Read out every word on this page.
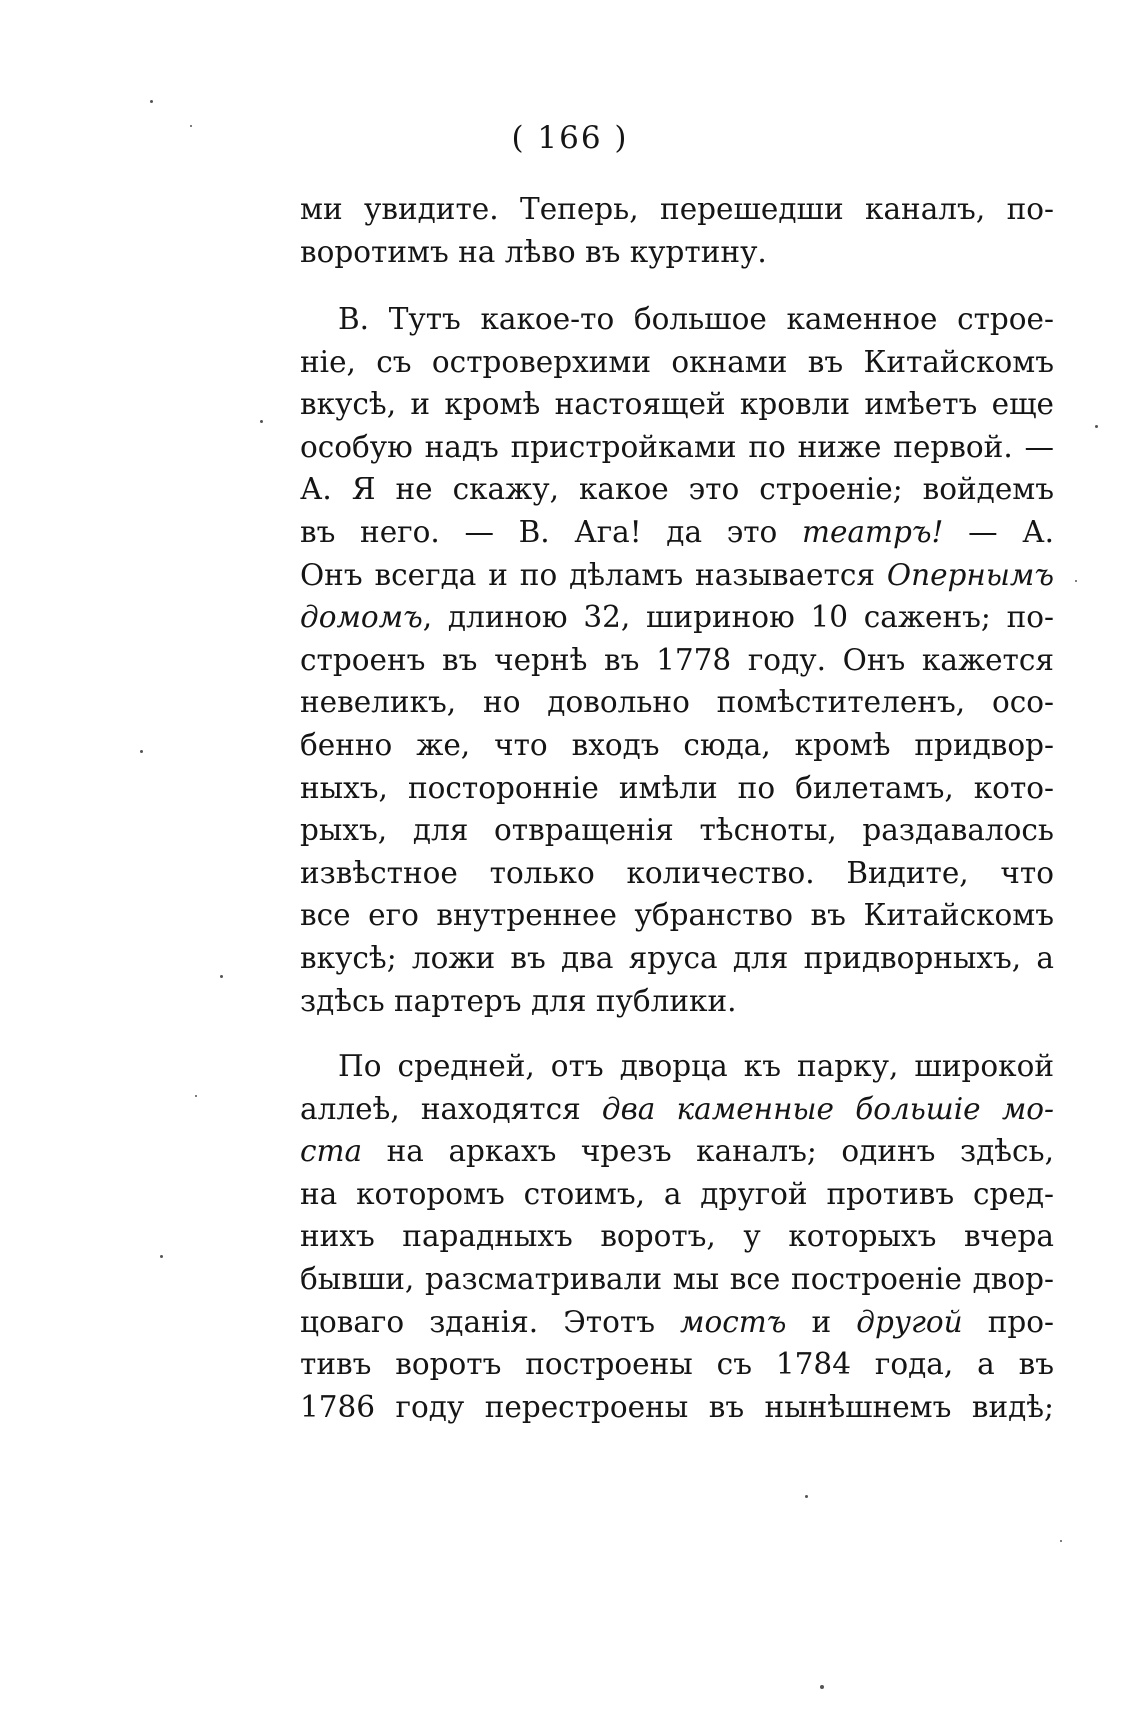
( 166 )
ми увидите. Теперь, перешедши каналъ, по-
воротимъ на лѣво въ куртину.
В. Тутъ какое-то большое каменное строе-
ніе, съ островерхими окнами въ Китайскомъ
вкусѣ, и кромѣ настоящей кровли имѣетъ еще
особую надъ пристройками по ниже первой. —
А. Я не скажу, какое это строеніе; войдемъ
въ него. — В. Ага! да это театръ! — А.
Онъ всегда и по дѣламъ называется Опернымъ
домомъ, длиною 32, шириною 10 саженъ; по-
строенъ въ чернѣ въ 1778 году. Онъ кажется
невеликъ, но довольно помѣстителенъ, осо-
бенно же, что входъ сюда, кромѣ придвор-
ныхъ, посторонніе имѣли по билетамъ, кото-
рыхъ, для отвращенія тѣсноты, раздавалось
извѣстное только количество. Видите, что
все его внутреннее убранство въ Китайскомъ
вкусѣ; ложи въ два яруса для придворныхъ, а
здѣсь партеръ для публики.
По средней, отъ дворца къ парку, широкой
аллеѣ, находятся два каменные большіе мо-
ста на аркахъ чрезъ каналъ; одинъ здѣсь,
на которомъ стоимъ, а другой противъ сред-
нихъ парадныхъ воротъ, у которыхъ вчера
бывши, разсматривали мы все построеніе двор-
цоваго зданія. Этотъ мостъ и другой про-
тивъ воротъ построены съ 1784 года, а въ
1786 году перестроены въ нынѣшнемъ видѣ;
